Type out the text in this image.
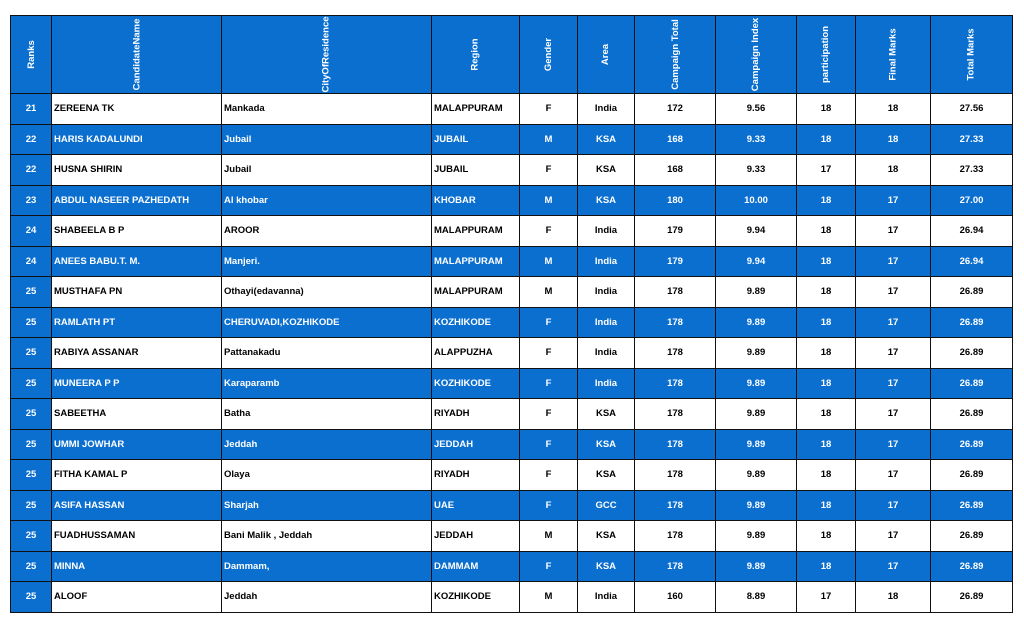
Ranks	CandidateName	CityOfResidence	Region	Gender	Area	Campaign Total	Campaign Index	participation	Final Marks	Total Marks
21	ZEREENA TK	Mankada	MALAPPURAM	F	India	172	9.56	18	18	27.56
22	HARIS KADALUNDI	Jubail	JUBAIL	M	KSA	168	9.33	18	18	27.33
22	HUSNA SHIRIN	Jubail	JUBAIL	F	KSA	168	9.33	17	18	27.33
23	ABDUL NASEER PAZHEDATH	Al khobar	KHOBAR	M	KSA	180	10.00	18	17	27.00
24	SHABEELA B P	AROOR	MALAPPURAM	F	India	179	9.94	18	17	26.94
24	ANEES BABU.T. M.	Manjeri.	MALAPPURAM	M	India	179	9.94	18	17	26.94
25	MUSTHAFA PN	Othayi(edavanna)	MALAPPURAM	M	India	178	9.89	18	17	26.89
25	RAMLATH PT	CHERUVADI,KOZHIKODE	KOZHIKODE	F	India	178	9.89	18	17	26.89
25	RABIYA ASSANAR	Pattanakadu	ALAPPUZHA	F	India	178	9.89	18	17	26.89
25	MUNEERA P P	Karaparamb	KOZHIKODE	F	India	178	9.89	18	17	26.89
25	SABEETHA	Batha	RIYADH	F	KSA	178	9.89	18	17	26.89
25	UMMI JOWHAR	Jeddah	JEDDAH	F	KSA	178	9.89	18	17	26.89
25	FITHA KAMAL P	Olaya	RIYADH	F	KSA	178	9.89	18	17	26.89
25	ASIFA HASSAN	Sharjah	UAE	F	GCC	178	9.89	18	17	26.89
25	FUADHUSSAMAN	Bani Malik , Jeddah	JEDDAH	M	KSA	178	9.89	18	17	26.89
25	MINNA	Dammam,	DAMMAM	F	KSA	178	9.89	18	17	26.89
25	ALOOF	Jeddah	KOZHIKODE	M	India	160	8.89	17	18	26.89
